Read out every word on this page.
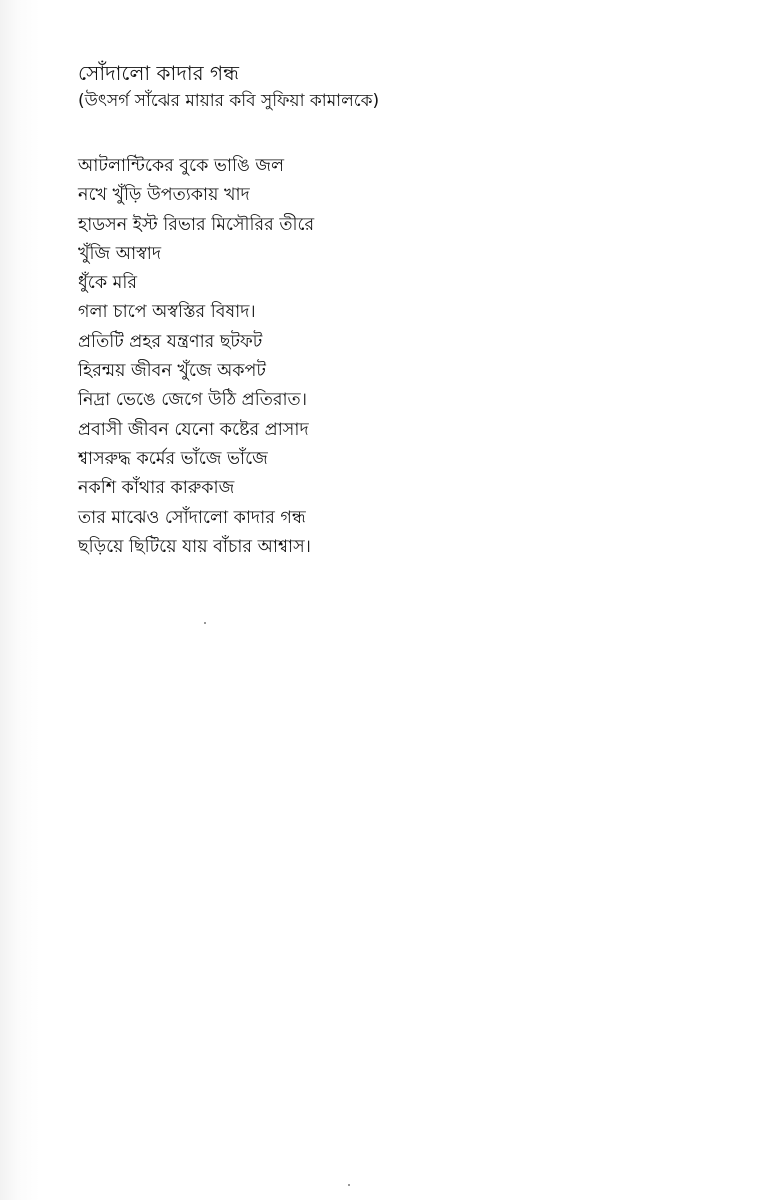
সোঁদালো কাদার গন্ধ

(উৎসর্গ সাঁঝের মায়ার কবি সুফিয়া কামালকে)

আটলান্টিকের বুকে ভাঙি জল
নখে খুঁড়ি উপত্যকায় খাদ
হাডসন ইস্ট রিভার মিসৌরির তীরে
খুঁজি আস্বাদ
ধুঁকে মরি
গলা চাপে অস্বস্তির বিষাদ।
প্রতিটি প্রহর যন্ত্রণার ছটফট
হিরন্ময় জীবন খুঁজে অকপট
নিদ্রা ভেঙে জেগে উঠি প্রতিরাত।
প্রবাসী জীবন যেনো কষ্টের প্রাসাদ
শ্বাসরুদ্ধ কর্মের ভাঁজে ভাঁজে
নকশি কাঁথার কারুকাজ
তার মাঝেও সোঁদালো কাদার গন্ধ
ছড়িয়ে ছিটিয়ে যায় বাঁচার আশ্বাস।
